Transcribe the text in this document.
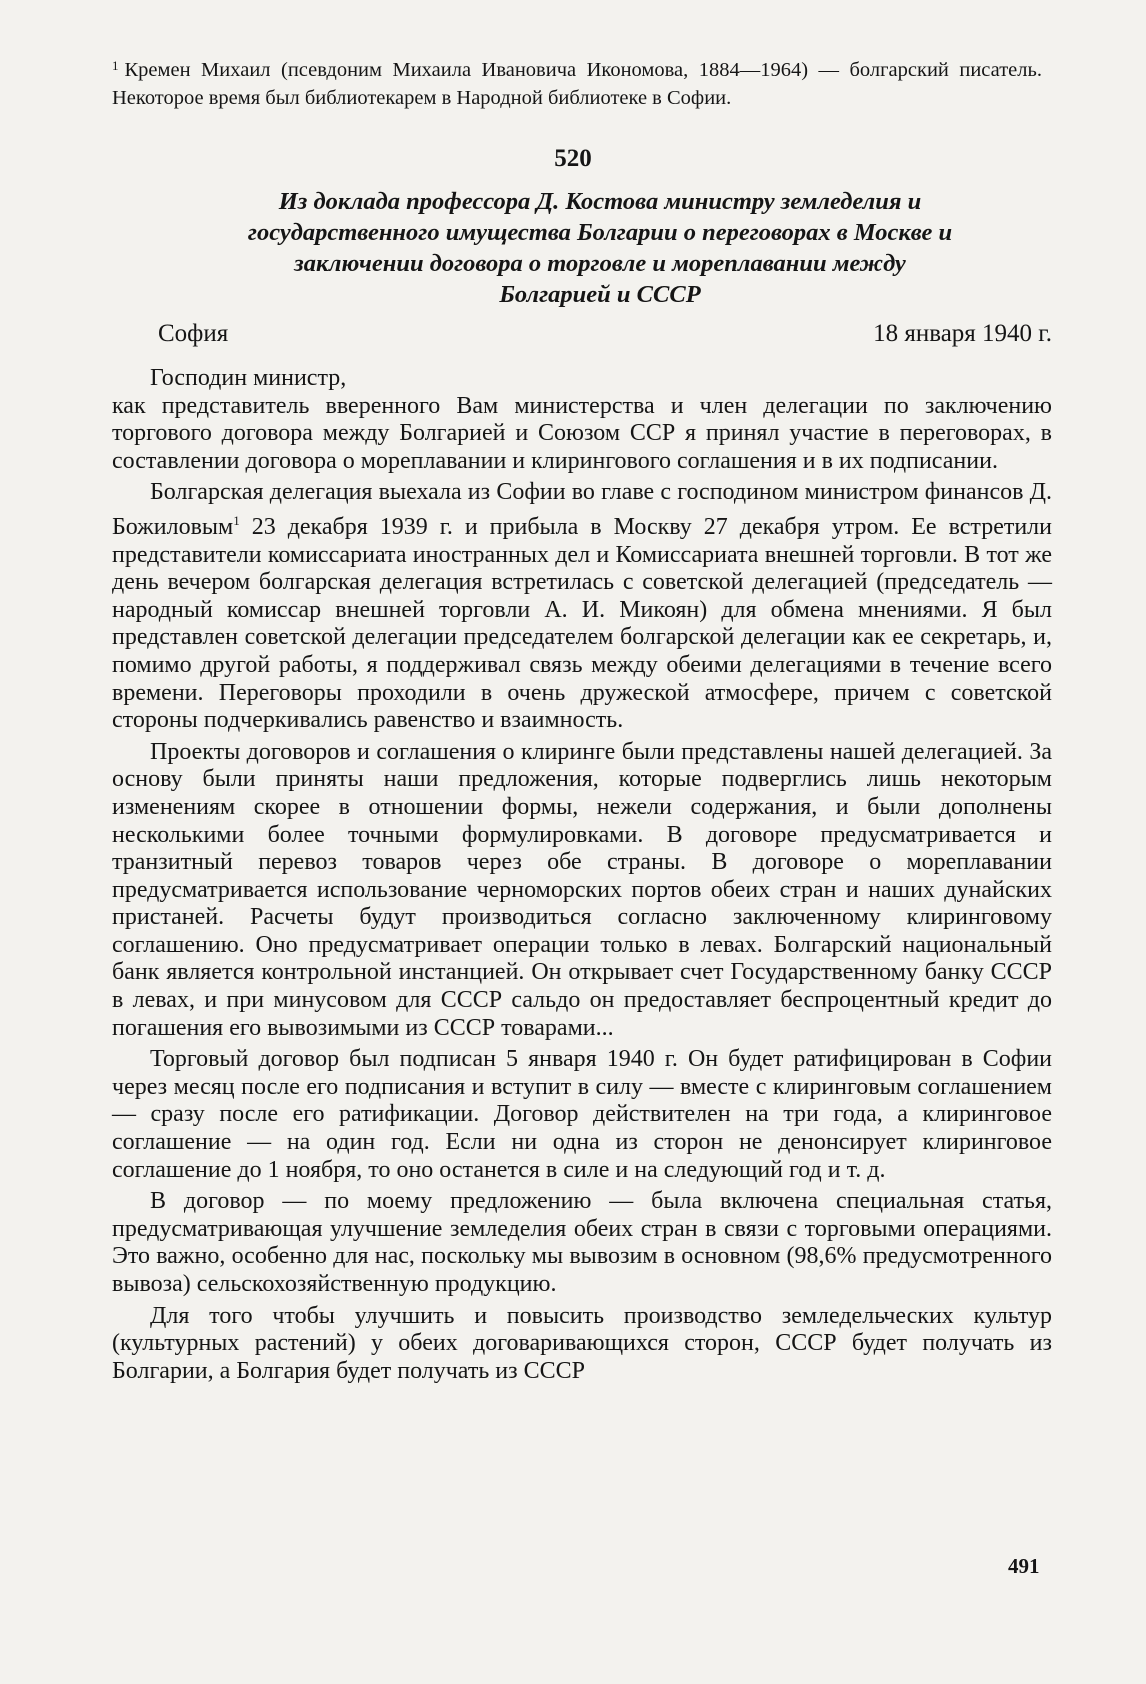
$^1$ Кремен Михаил (псевдоним Михаила Ивановича Икономова, 1884—1964) — болгарский писатель. Некоторое время был библиотекарем в Народной библиотеке в Софии.
520
Из доклада профессора Д. Костова министру земледелия и
государственного имущества Болгарии о переговорах в Москве и
заключении договора о торговле и мореплавании между
Болгарией и СССР
София	18 января 1940 г.

Господин министр,

как представитель вверенного Вам министерства и член делегации по заключению торгового договора между Болгарией и Союзом ССР я принял участие в переговорах, в составлении договора о мореплавании и клирингового соглашения и в их подписании.

Болгарская делегация выехала из Софии во главе с господином министром финансов Д. Божиловым$^1$ 23 декабря 1939 г. и прибыла в Москву 27 декабря утром. Ее встретили представители комиссариата иностранных дел и Комиссариата внешней торговли. В тот же день вечером болгарская делегация встретилась с советской делегацией (председатель — народный комиссар внешней торговли А. И. Микоян) для обмена мнениями. Я был представлен советской делегации председателем болгарской делегации как ее секретарь, и, помимо другой работы, я поддерживал связь между обеими делегациями в течение всего времени. Переговоры проходили в очень дружеской атмосфере, причем с советской стороны подчеркивались равенство и взаимность.

Проекты договоров и соглашения о клиринге были представлены нашей делегацией. За основу были приняты наши предложения, которые подверглись лишь некоторым изменениям скорее в отношении формы, нежели содержания, и были дополнены несколькими более точными формулировками. В договоре предусматривается и транзитный перевоз товаров через обе страны. В договоре о мореплавании предусматривается использование черноморских портов обеих стран и наших дунайских пристаней. Расчеты будут производиться согласно заключенному клиринговому соглашению. Оно предусматривает операции только в левах. Болгарский национальный банк является контрольной инстанцией. Он открывает счет Государственному банку СССР в левах, и при минусовом для СССР сальдо он предоставляет беспроцентный кредит до погашения его вывозимыми из СССР товарами...

Торговый договор был подписан 5 января 1940 г. Он будет ратифицирован в Софии через месяц после его подписания и вступит в силу — вместе с клиринговым соглашением — сразу после его ратификации. Договор действителен на три года, а клиринговое соглашение — на один год. Если ни одна из сторон не денонсирует клиринговое соглашение до 1 ноября, то оно останется в силе и на следующий год и т. д.

В договор — по моему предложению — была включена специальная статья, предусматривающая улучшение земледелия обеих стран в связи с торговыми операциями. Это важно, особенно для нас, поскольку мы вывозим в основном (98,6% предусмотренного вывоза) сельскохозяйственную продукцию.

Для того чтобы улучшить и повысить производство земледельческих культур (культурных растений) у обеих договаривающихся сторон, СССР будет получать из Болгарии, а Болгария будет получать из СССР

491
